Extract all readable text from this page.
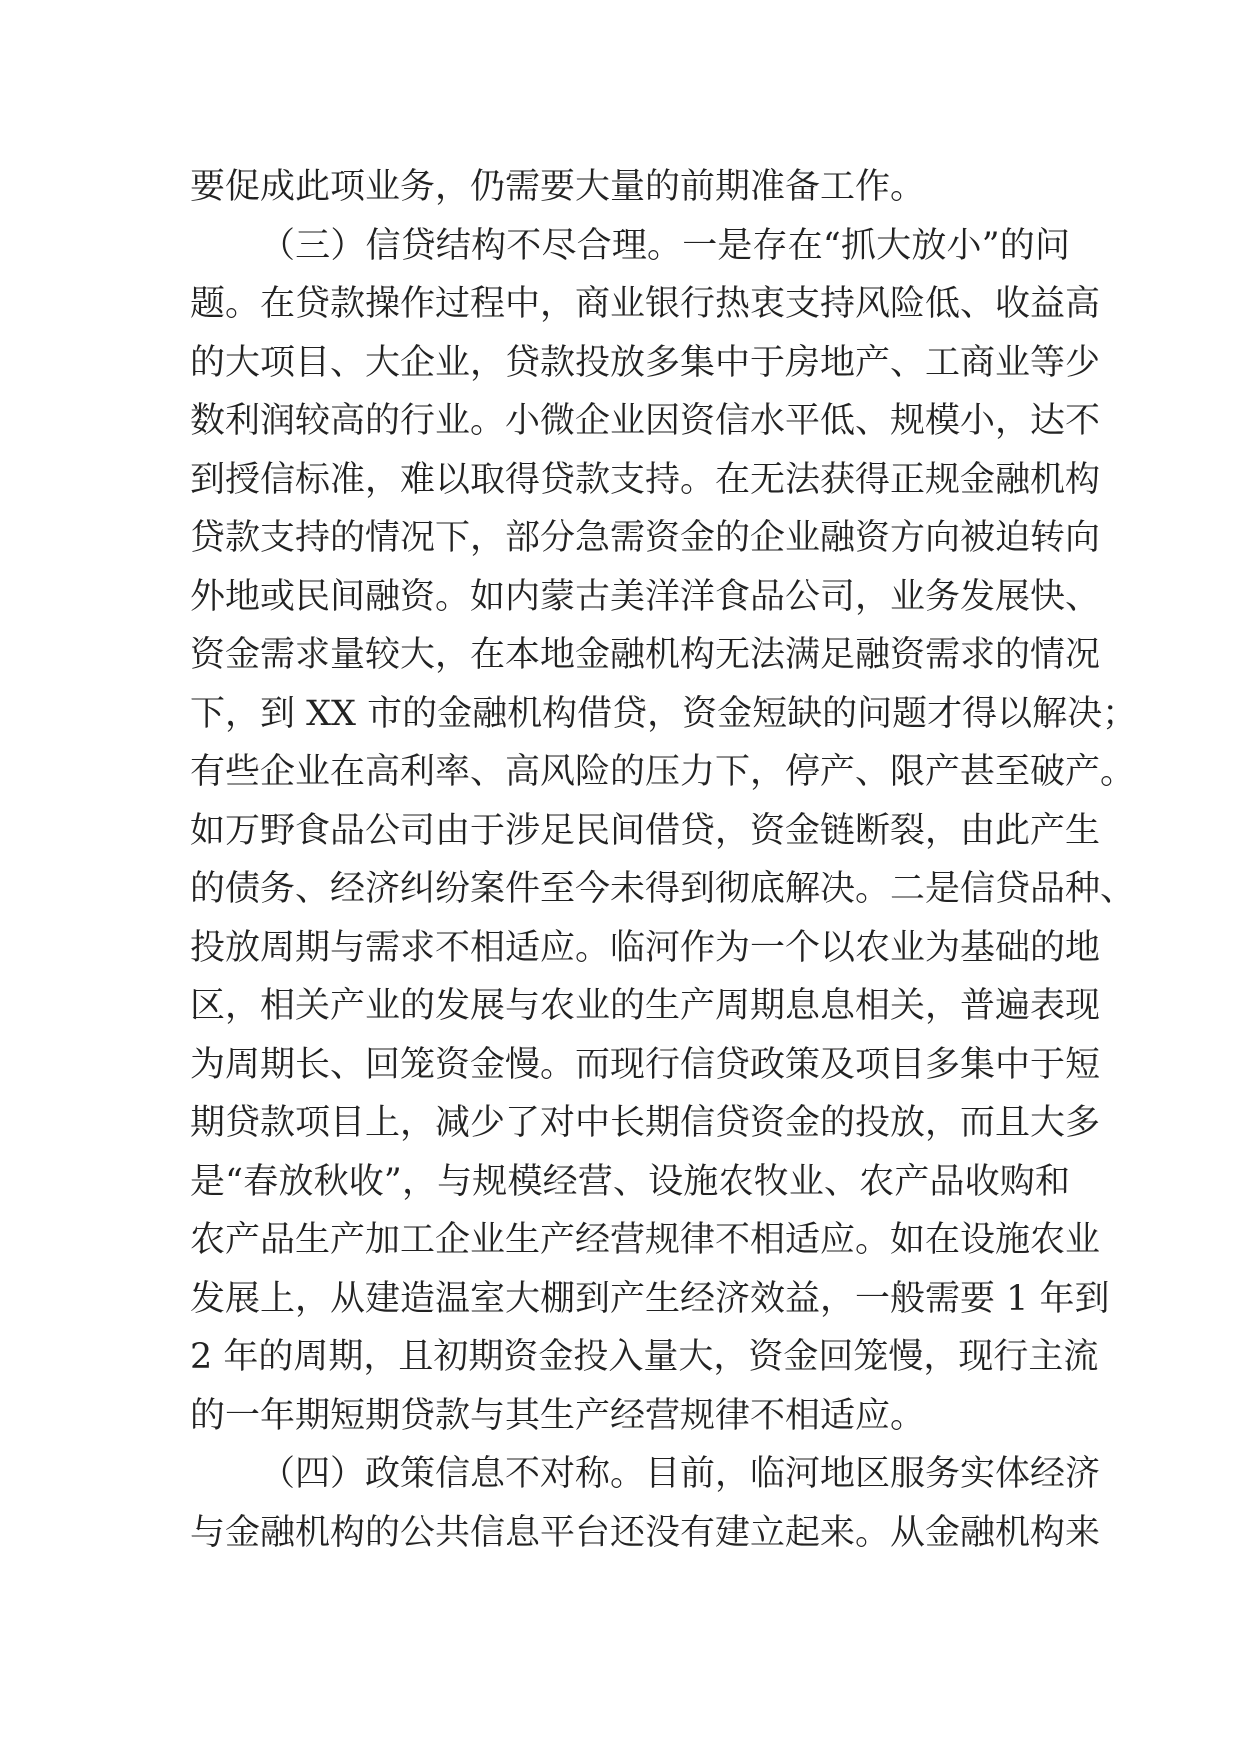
要促成此项业务，仍需要大量的前期准备工作。
（三）信贷结构不尽合理。一是存在“抓大放小”的问
题。在贷款操作过程中，商业银行热衷支持风险低、收益高
的大项目、大企业，贷款投放多集中于房地产、工商业等少
数利润较高的行业。小微企业因资信水平低、规模小，达不
到授信标准，难以取得贷款支持。在无法获得正规金融机构
贷款支持的情况下，部分急需资金的企业融资方向被迫转向
外地或民间融资。如内蒙古美洋洋食品公司，业务发展快、
资金需求量较大，在本地金融机构无法满足融资需求的情况
下，到 XX 市的金融机构借贷，资金短缺的问题才得以解决；
有些企业在高利率、高风险的压力下，停产、限产甚至破产。
如万野食品公司由于涉足民间借贷，资金链断裂，由此产生
的债务、经济纠纷案件至今未得到彻底解决。二是信贷品种、
投放周期与需求不相适应。临河作为一个以农业为基础的地
区，相关产业的发展与农业的生产周期息息相关，普遍表现
为周期长、回笼资金慢。而现行信贷政策及项目多集中于短
期贷款项目上，减少了对中长期信贷资金的投放，而且大多
是“春放秋收”，与规模经营、设施农牧业、农产品收购和
农产品生产加工企业生产经营规律不相适应。如在设施农业
发展上，从建造温室大棚到产生经济效益，一般需要 1 年到
2 年的周期，且初期资金投入量大，资金回笼慢，现行主流
的一年期短期贷款与其生产经营规律不相适应。
（四）政策信息不对称。目前，临河地区服务实体经济
与金融机构的公共信息平台还没有建立起来。从金融机构来
